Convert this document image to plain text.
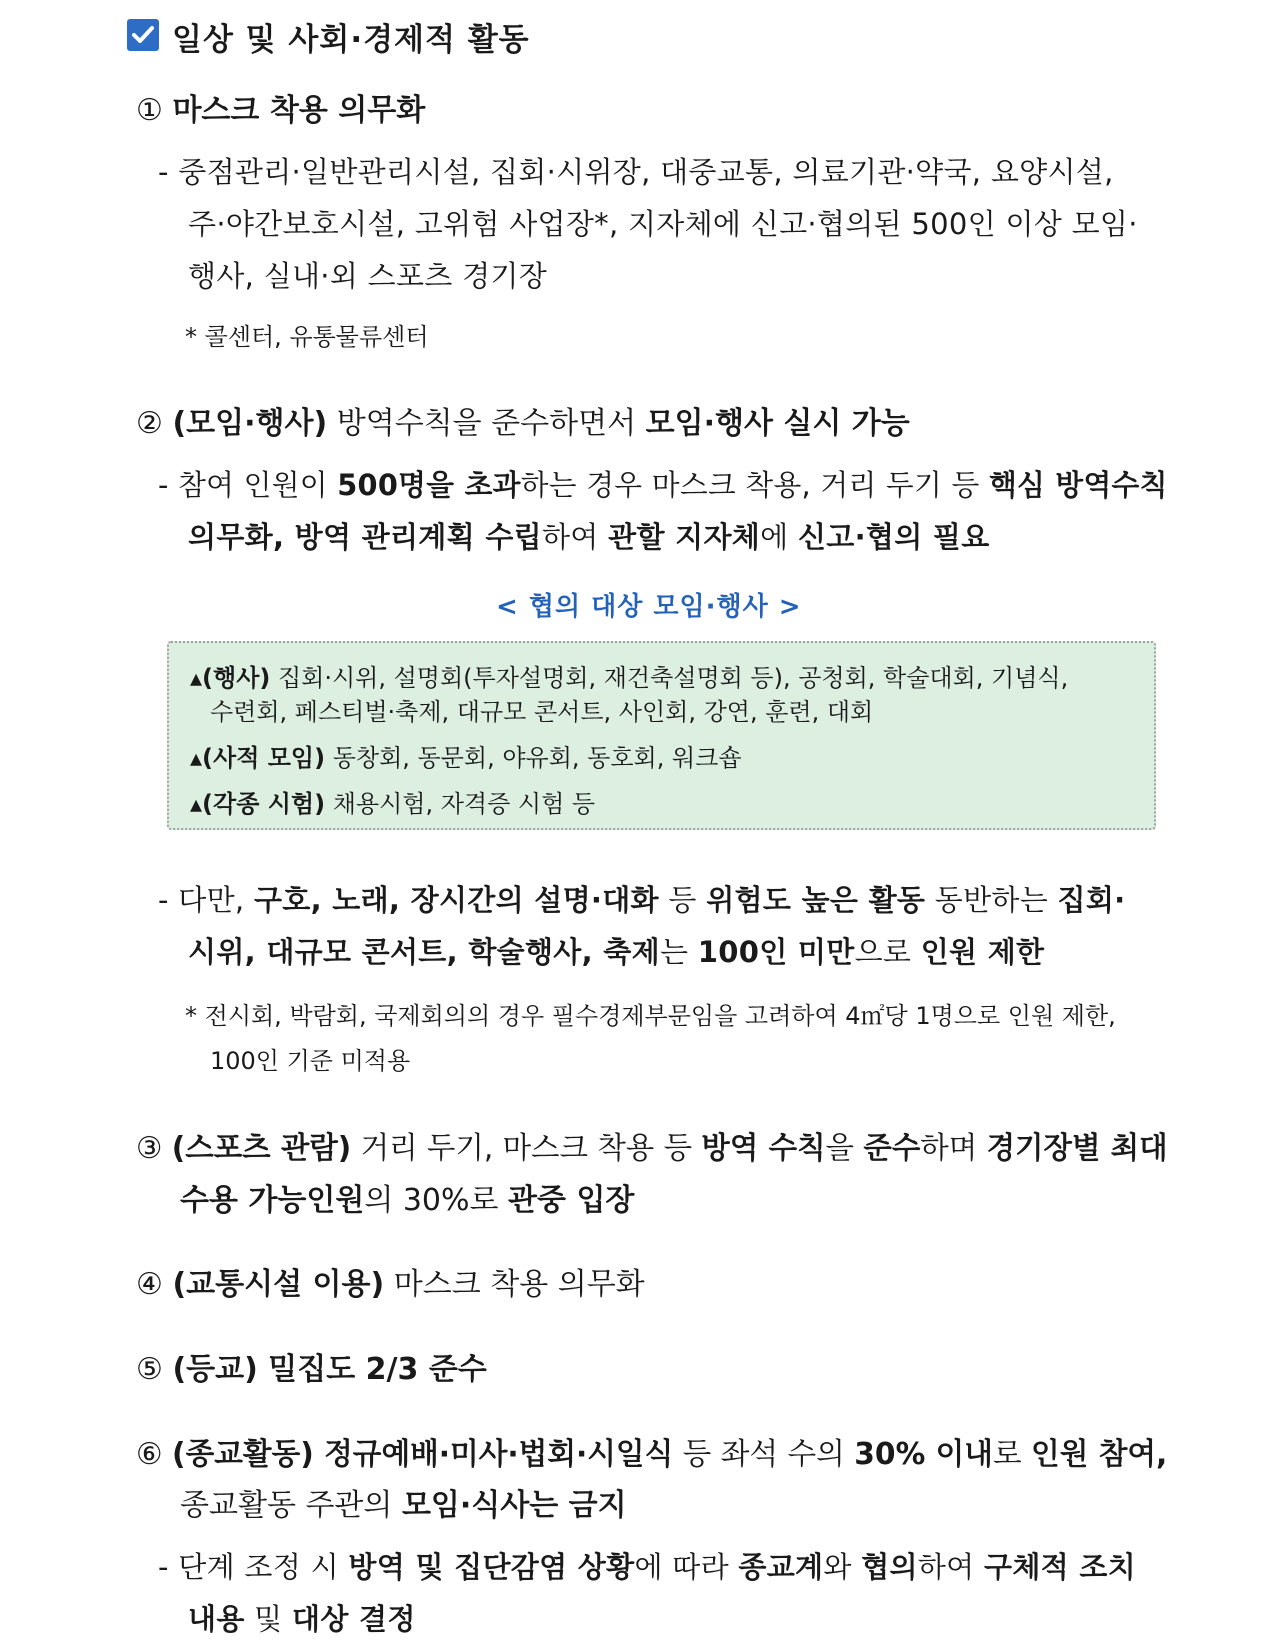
일상 및 사회·경제적 활동
① 마스크 착용 의무화
- 중점관리·일반관리시설, 집회·시위장, 대중교통, 의료기관·약국, 요양시설,
주·야간보호시설, 고위험 사업장*, 지자체에 신고·협의된 500인 이상 모임·
행사, 실내·외 스포츠 경기장
* 콜센터, 유통물류센터
② (모임·행사) 방역수칙을 준수하면서 모임·행사 실시 가능
- 참여 인원이 500명을 초과하는 경우 마스크 착용, 거리 두기 등 핵심 방역수칙
의무화, 방역 관리계획 수립하여 관할 지자체에 신고·협의 필요
< 협의 대상 모임·행사 >
▴(행사) 집회·시위, 설명회(투자설명회, 재건축설명회 등), 공청회, 학술대회, 기념식,
수련회, 페스티벌·축제, 대규모 콘서트, 사인회, 강연, 훈련, 대회
▴(사적 모임) 동창회, 동문회, 야유회, 동호회, 워크숍
▴(각종 시험) 채용시험, 자격증 시험 등
- 다만, 구호, 노래, 장시간의 설명·대화 등 위험도 높은 활동 동반하는 집회·
시위, 대규모 콘서트, 학술행사, 축제는 100인 미만으로 인원 제한
* 전시회, 박람회, 국제회의의 경우 필수경제부문임을 고려하여 4㎡당 1명으로 인원 제한,
100인 기준 미적용
③ (스포츠 관람) 거리 두기, 마스크 착용 등 방역 수칙을 준수하며 경기장별 최대
수용 가능인원의 30%로 관중 입장
④ (교통시설 이용) 마스크 착용 의무화
⑤ (등교) 밀집도 2/3 준수
⑥ (종교활동) 정규예배·미사·법회·시일식 등 좌석 수의 30% 이내로 인원 참여,
종교활동 주관의 모임·식사는 금지
- 단계 조정 시 방역 및 집단감염 상황에 따라 종교계와 협의하여 구체적 조치
내용 및 대상 결정
